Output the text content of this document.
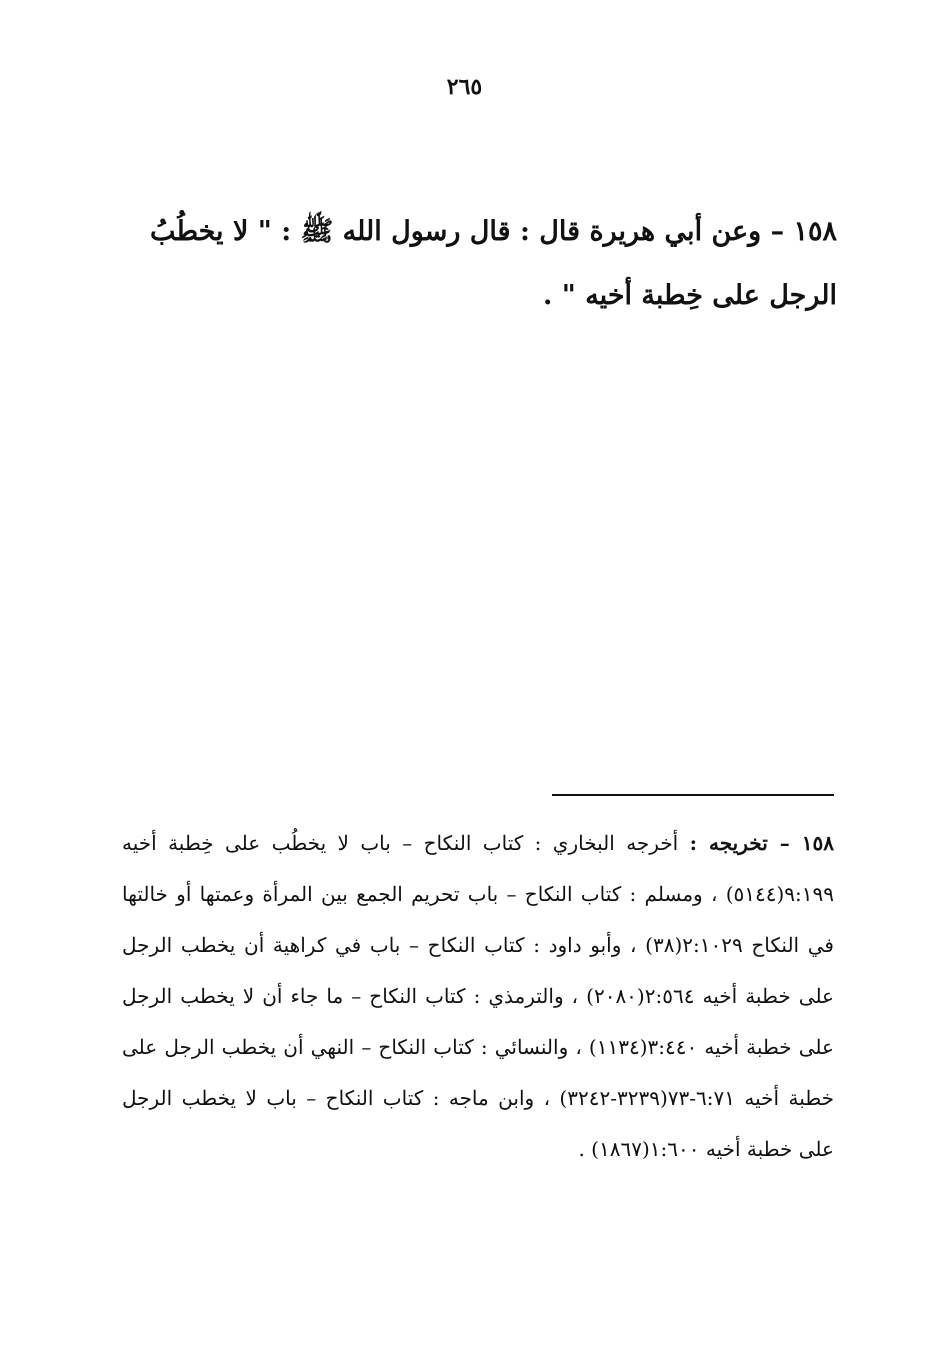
٢٦٥

١٥٨ – وعن أبي هريرة قال : قال رسول الله ﷺ : " لا يخطُبُ الرجل على خِطبة أخيه " .

١٥٨ – تخريجه : أخرجه البخاري : كتاب النكاح – باب لا يخطُب على خِطبة أخيه ٩:١٩٩(٥١٤٤) ، ومسلم : كتاب النكاح – باب تحريم الجمع بين المرأة وعمتها أو خالتها في النكاح ٢:١٠٢٩(٣٨) ، وأبو داود : كتاب النكاح – باب في كراهية أن يخطب الرجل على خطبة أخيه ٢:٥٦٤(٢٠٨٠) ، والترمذي : كتاب النكاح – ما جاء أن لا يخطب الرجل على خطبة أخيه ٣:٤٤٠(١١٣٤) ، والنسائي : كتاب النكاح – النهي أن يخطب الرجل على خطبة أخيه ٦:٧١-٧٣(٣٢٣٩-٣٢٤٢) ، وابن ماجه : كتاب النكاح – باب لا يخطب الرجل على خطبة أخيه ١:٦٠٠(١٨٦٧) .
